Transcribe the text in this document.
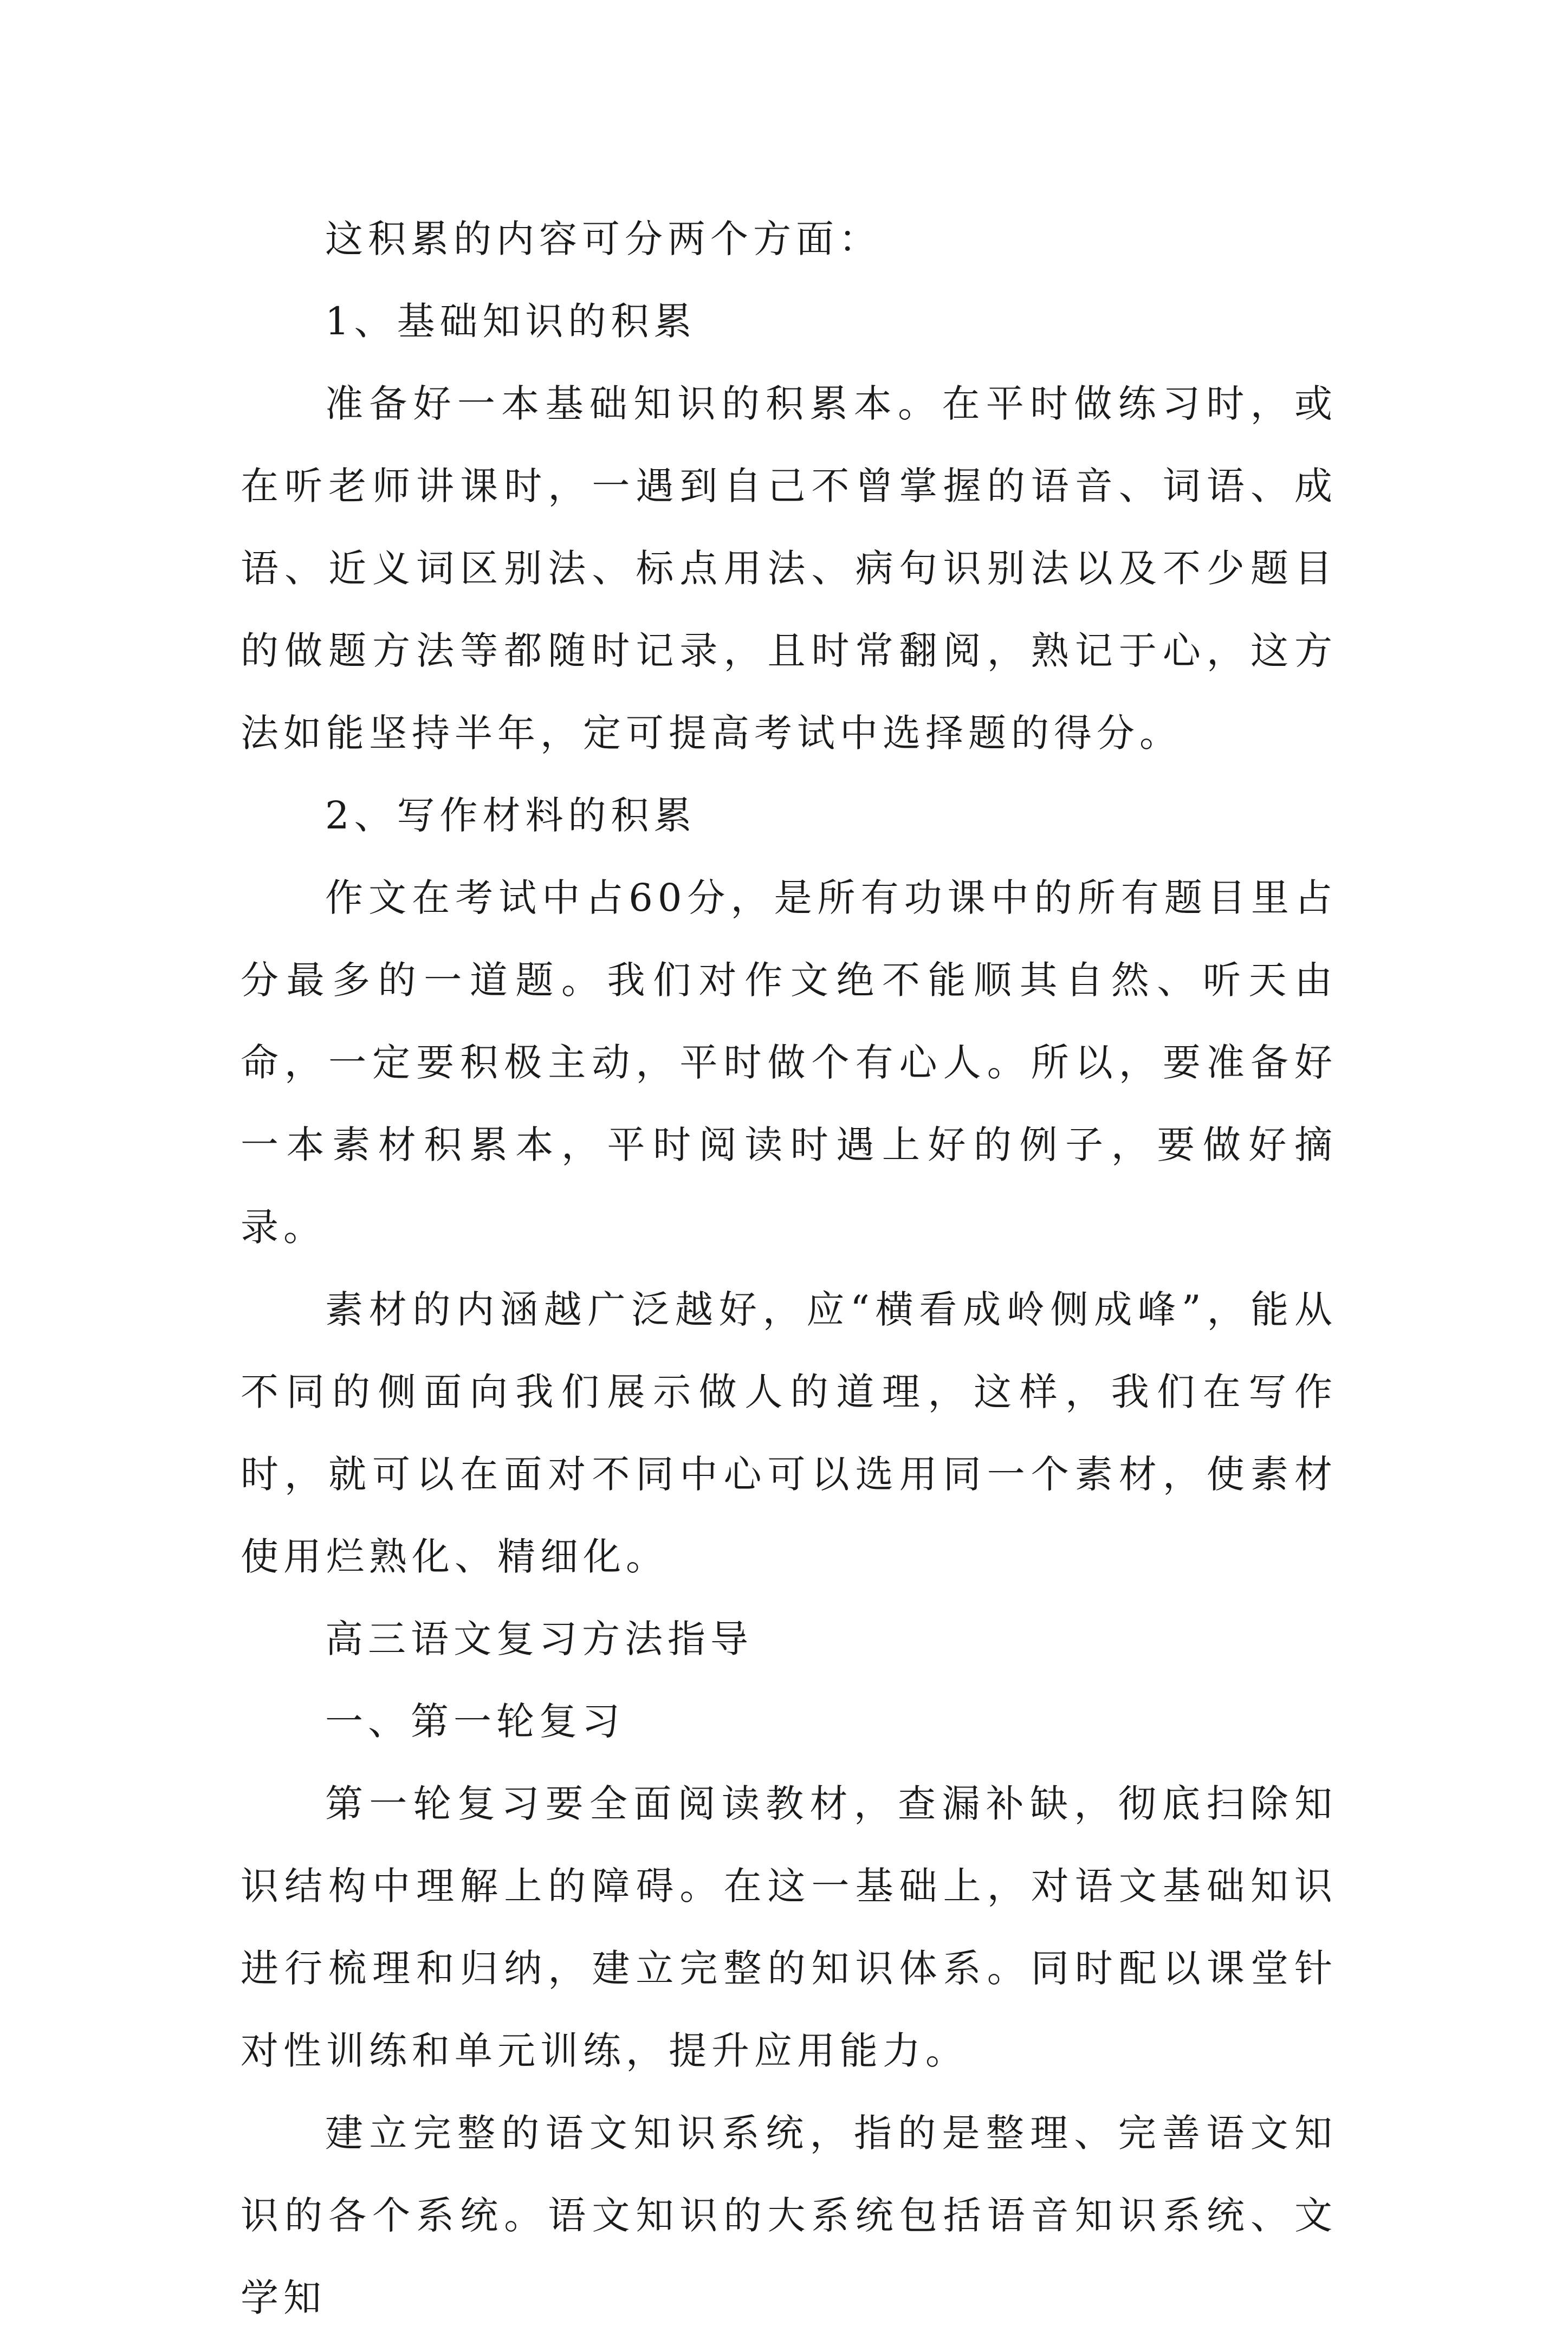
这积累的内容可分两个方面：

1、基础知识的积累

准备好一本基础知识的积累本。在平时做练习时，或在听老师讲课时，一遇到自己不曾掌握的语音、词语、成语、近义词区别法、标点用法、病句识别法以及不少题目的做题方法等都随时记录，且时常翻阅，熟记于心，这方法如能坚持半年，定可提高考试中选择题的得分。

2、写作材料的积累

作文在考试中占60分，是所有功课中的所有题目里占分最多的一道题。我们对作文绝不能顺其自然、听天由命，一定要积极主动，平时做个有心人。所以，要准备好一本素材积累本，平时阅读时遇上好的例子，要做好摘录。

素材的内涵越广泛越好，应“横看成岭侧成峰”，能从不同的侧面向我们展示做人的道理，这样，我们在写作时，就可以在面对不同中心可以选用同一个素材，使素材使用烂熟化、精细化。

高三语文复习方法指导

一、第一轮复习

第一轮复习要全面阅读教材，查漏补缺，彻底扫除知识结构中理解上的障碍。在这一基础上，对语文基础知识进行梳理和归纳，建立完整的知识体系。同时配以课堂针对性训练和单元训练，提升应用能力。

建立完整的语文知识系统，指的是整理、完善语文知识的各个系统。语文知识的大系统包括语音知识系统、文学知
